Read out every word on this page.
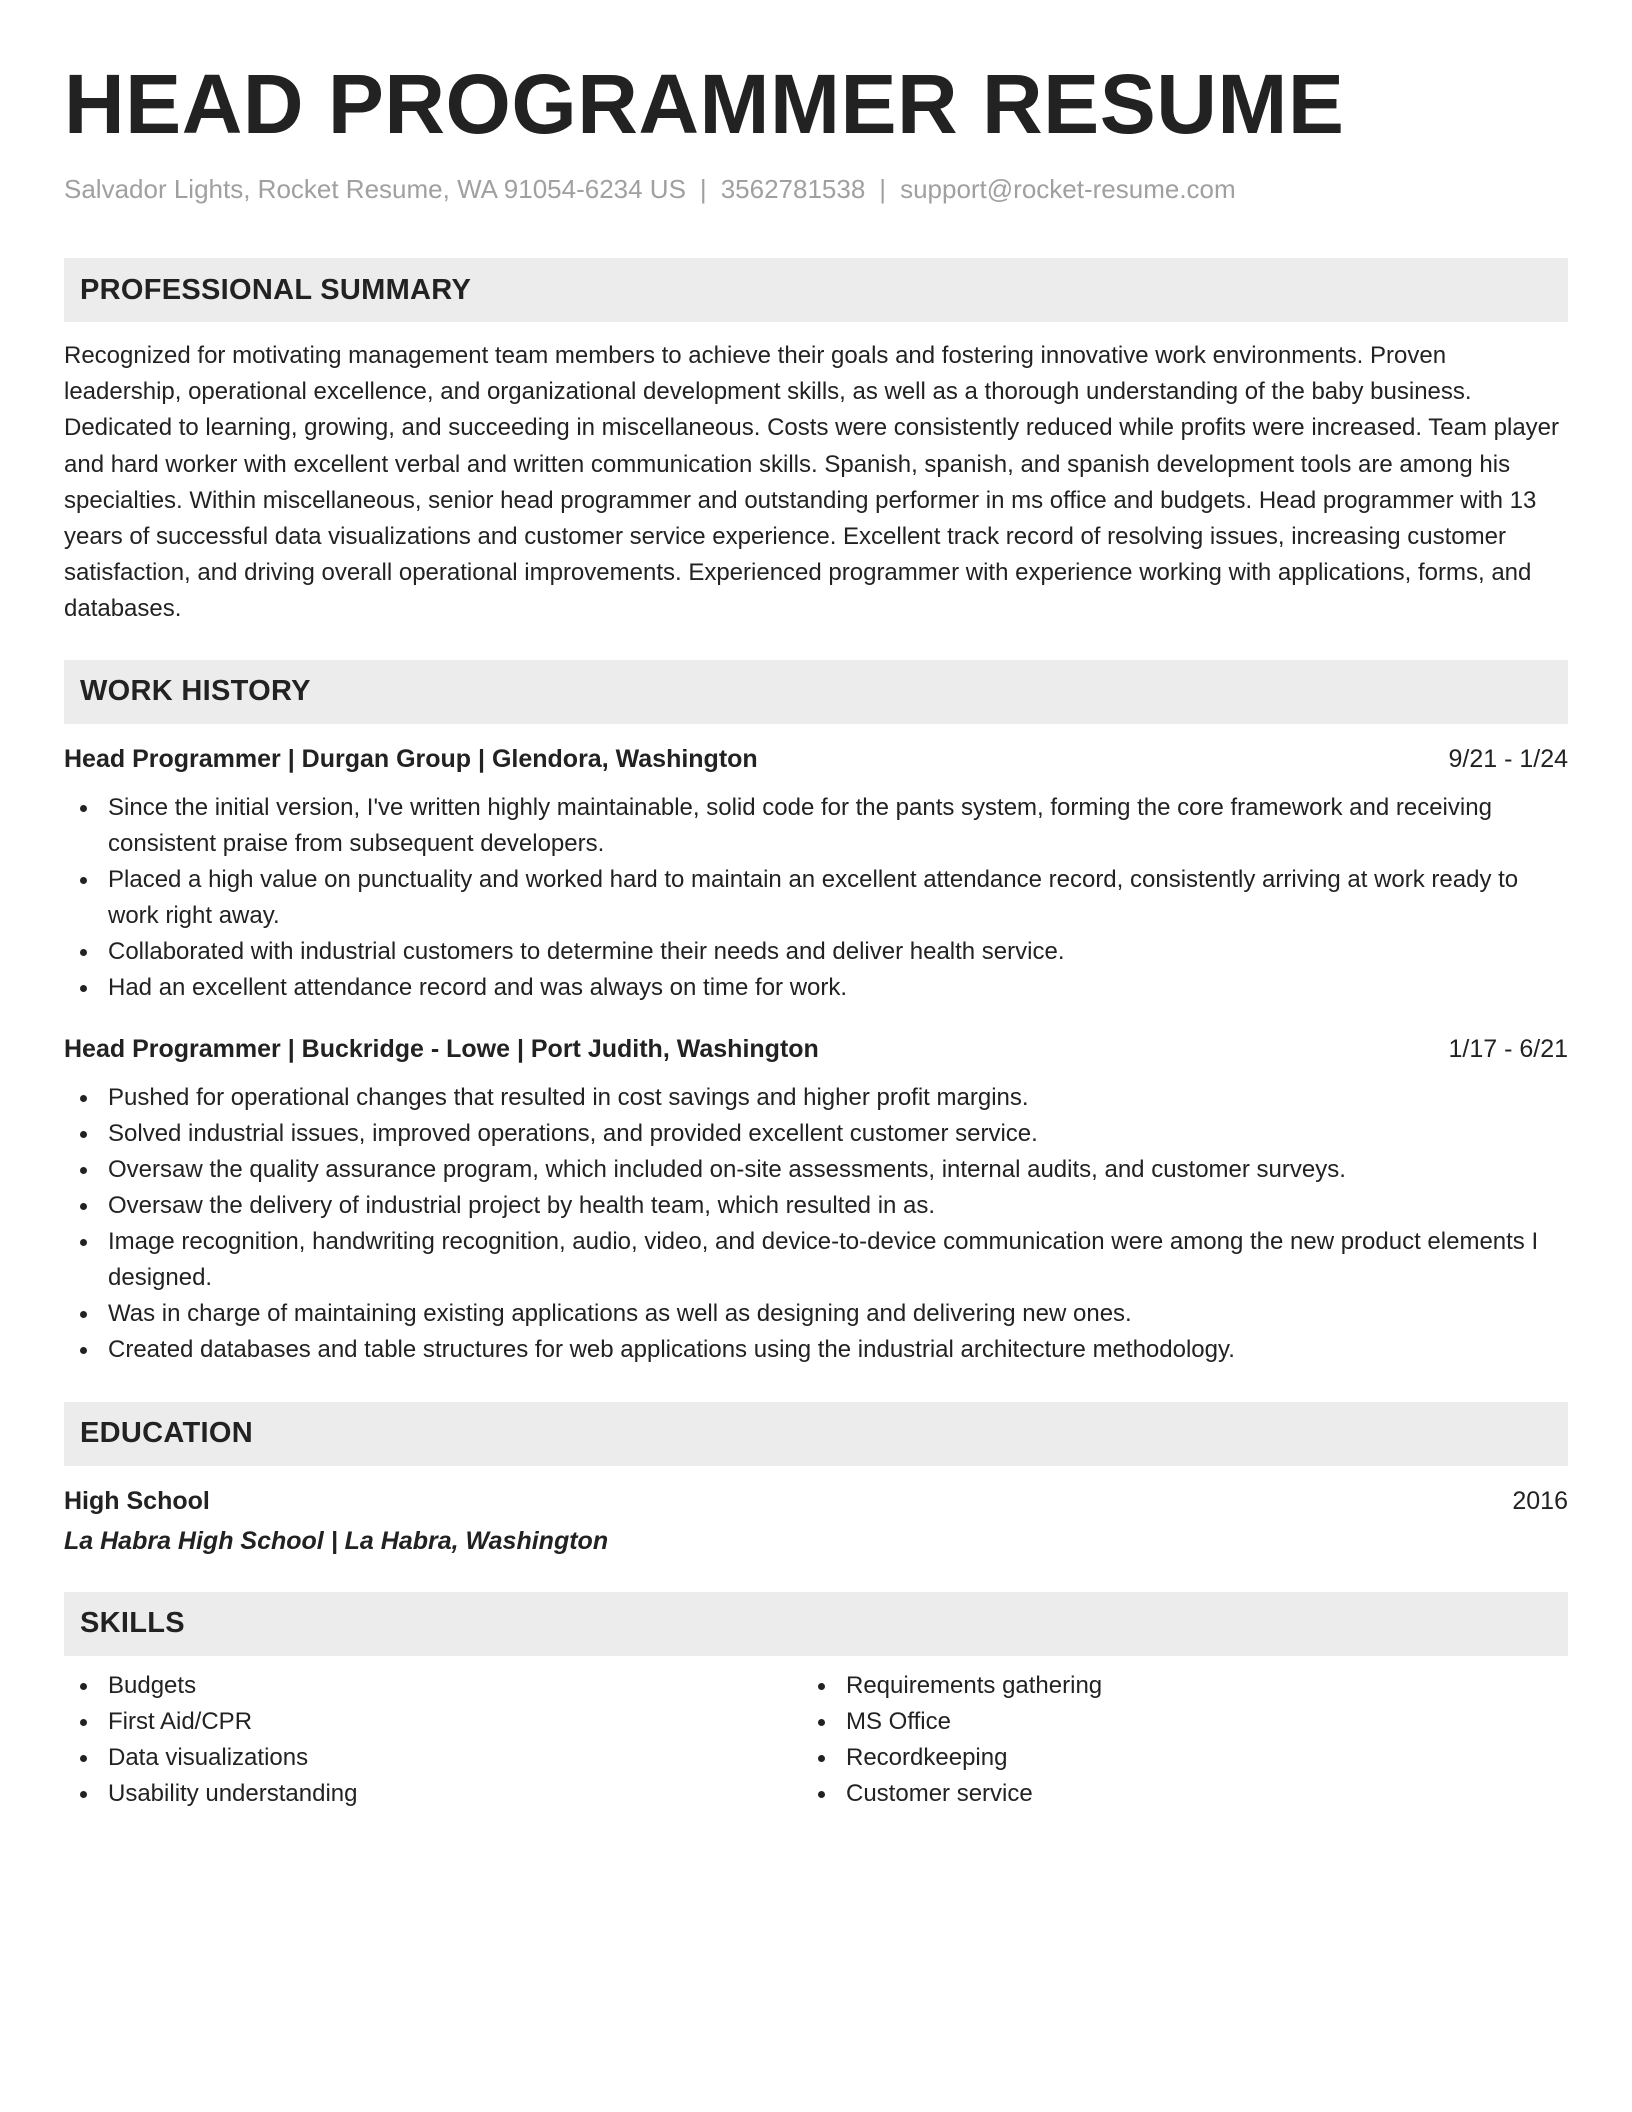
HEAD PROGRAMMER RESUME
Salvador Lights, Rocket Resume, WA 91054-6234 US | 3562781538 | support@rocket-resume.com
PROFESSIONAL SUMMARY
Recognized for motivating management team members to achieve their goals and fostering innovative work environments. Proven leadership, operational excellence, and organizational development skills, as well as a thorough understanding of the baby business. Dedicated to learning, growing, and succeeding in miscellaneous. Costs were consistently reduced while profits were increased. Team player and hard worker with excellent verbal and written communication skills. Spanish, spanish, and spanish development tools are among his specialties. Within miscellaneous, senior head programmer and outstanding performer in ms office and budgets. Head programmer with 13 years of successful data visualizations and customer service experience. Excellent track record of resolving issues, increasing customer satisfaction, and driving overall operational improvements. Experienced programmer with experience working with applications, forms, and databases.
WORK HISTORY
Head Programmer | Durgan Group | Glendora, Washington	9/21 - 1/24
Since the initial version, I've written highly maintainable, solid code for the pants system, forming the core framework and receiving consistent praise from subsequent developers.
Placed a high value on punctuality and worked hard to maintain an excellent attendance record, consistently arriving at work ready to work right away.
Collaborated with industrial customers to determine their needs and deliver health service.
Had an excellent attendance record and was always on time for work.
Head Programmer | Buckridge - Lowe | Port Judith, Washington	1/17 - 6/21
Pushed for operational changes that resulted in cost savings and higher profit margins.
Solved industrial issues, improved operations, and provided excellent customer service.
Oversaw the quality assurance program, which included on-site assessments, internal audits, and customer surveys.
Oversaw the delivery of industrial project by health team, which resulted in as.
Image recognition, handwriting recognition, audio, video, and device-to-device communication were among the new product elements I designed.
Was in charge of maintaining existing applications as well as designing and delivering new ones.
Created databases and table structures for web applications using the industrial architecture methodology.
EDUCATION
High School	2016
La Habra High School | La Habra, Washington
SKILLS
Budgets
First Aid/CPR
Data visualizations
Usability understanding
Requirements gathering
MS Office
Recordkeeping
Customer service
